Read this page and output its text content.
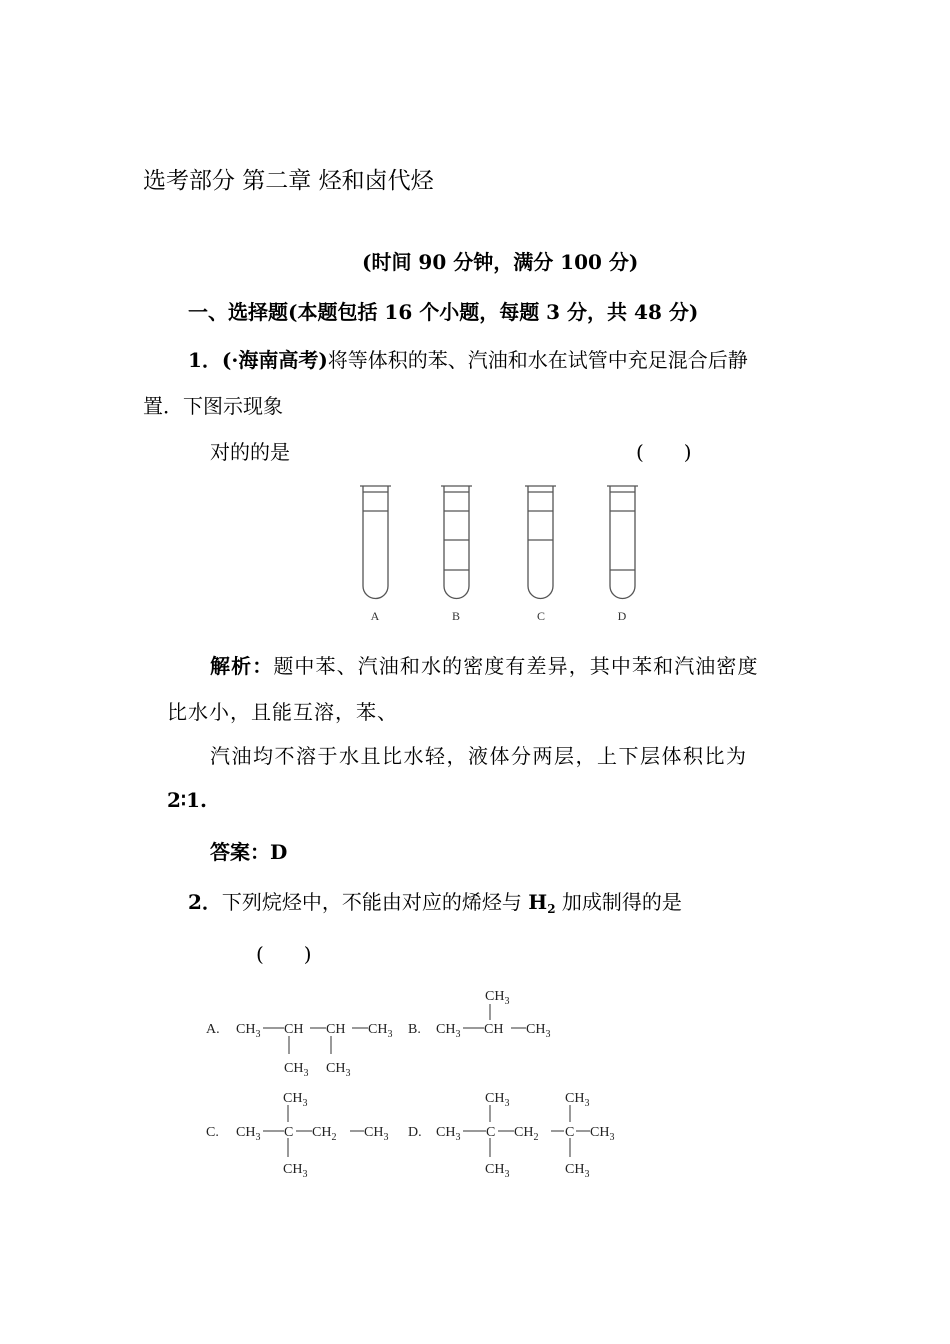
选考部分 第二章 烃和卤代烃
(时间 90 分钟，满分 100 分)
一、选择题(本题包括 16 个小题，每题 3 分，共 48 分)
1．(·海南高考)将等体积的苯、汽油和水在试管中充足混合后静
置．下图示现象
对的的是	(　　)
A	B	C	D
解析：题中苯、汽油和水的密度有差异，其中苯和汽油密度
比水小，且能互溶，苯、
汽油均不溶于水且比水轻，液体分两层，上下层体积比为
2∶1.
答案：D
2．下列烷烃中，不能由对应的烯烃与 $H_2$ 加成制得的是
(　　)
A. $CH_3$ CH CH $CH_3$
$CH_3$ $CH_3$
B. $CH_3$ CH $CH_3$
$CH_3$
C. $CH_3$ C $CH_2$ $CH_3$
$CH_3$
$CH_3$
D. $CH_3$ C $CH_2$ C $CH_3$
$CH_3$
$CH_3$
$CH_3$
$CH_3$
